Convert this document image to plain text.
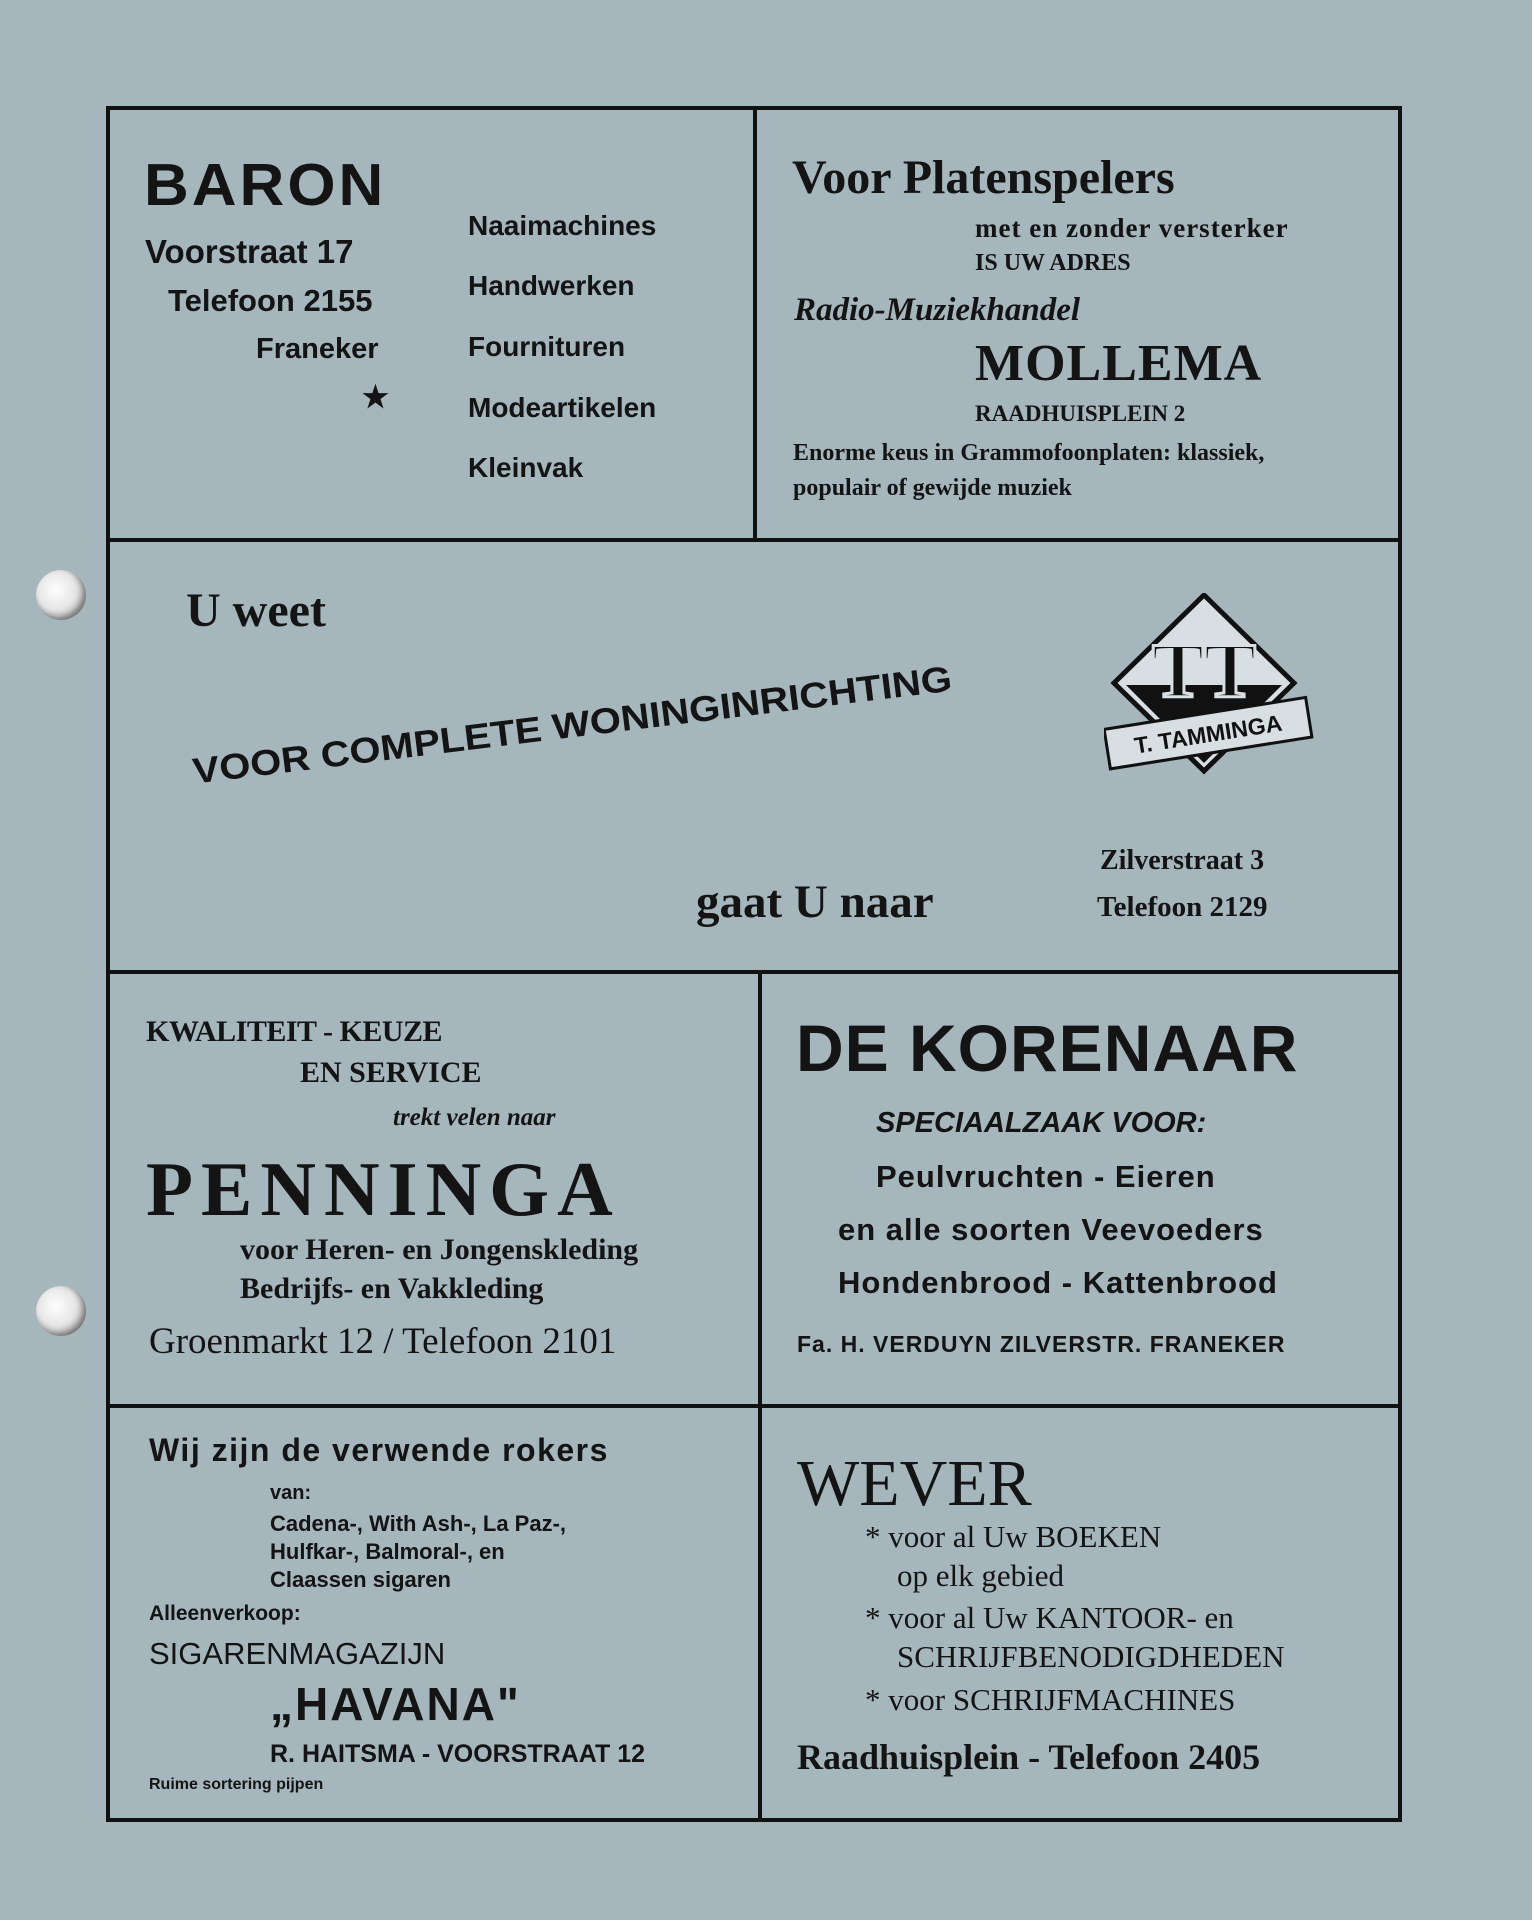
BARON
Voorstraat 17
Telefoon 2155
Franeker
★
Naaimachines
Handwerken
Fournituren
Modeartikelen
Kleinvak
Voor Platenspelers
met en zonder versterker
IS UW ADRES
Radio-Muziekhandel
MOLLEMA
RAADHUISPLEIN 2
Enorme keus in Grammofoonplaten: klassiek,
populair of gewijde muziek
U weet
VOOR COMPLETE WONINGINRICHTING
gaat U naar
TT
T. TAMMINGA
Zilverstraat 3
Telefoon 2129
KWALITEIT - KEUZE
EN SERVICE
trekt velen naar
PENNINGA
voor Heren- en Jongenskleding
Bedrijfs- en Vakkleding
Groenmarkt 12 / Telefoon 2101
DE KORENAAR
SPECIAALZAAK VOOR:
Peulvruchten - Eieren
en alle soorten Veevoeders
Hondenbrood - Kattenbrood
Fa. H. VERDUYN ZILVERSTR. FRANEKER
Wij zijn de verwende rokers
van:
Cadena-, With Ash-, La Paz-,
Hulfkar-, Balmoral-, en
Claassen sigaren
Alleenverkoop:
SIGARENMAGAZIJN
„HAVANA"
R. HAITSMA - VOORSTRAAT 12
Ruime sortering pijpen
WEVER
* voor al Uw BOEKEN
op elk gebied
* voor al Uw KANTOOR- en
SCHRIJFBENODIGDHEDEN
* voor SCHRIJFMACHINES
Raadhuisplein - Telefoon 2405
